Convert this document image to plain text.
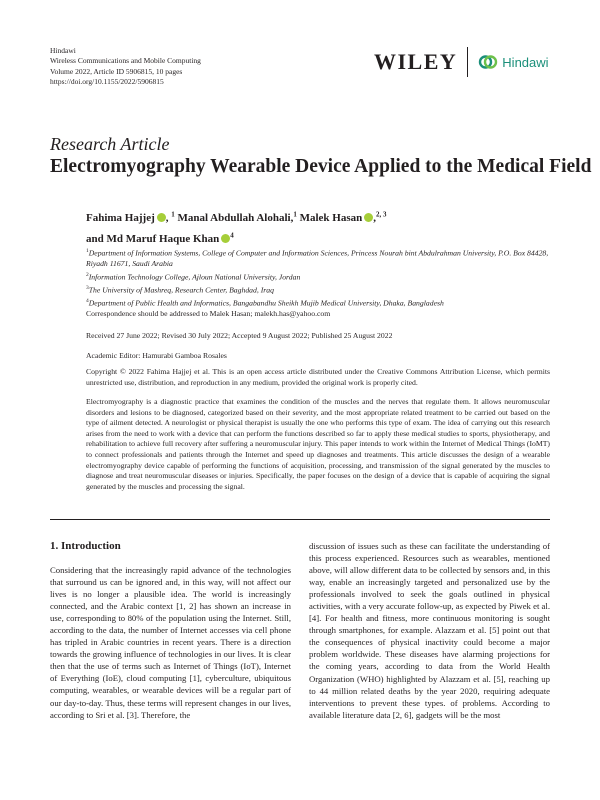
Hindawi
Wireless Communications and Mobile Computing
Volume 2022, Article ID 5906815, 10 pages
https://doi.org/10.1155/2022/5906815
WILEY	Hindawi
Research Article
Electromyography Wearable Device Applied to the Medical Field
Fahima Hajjej , $^1$ Manal Abdullah Alohali,$^1$ Malek Hasan ,$^{2, 3}$
and Md Maruf Haque Khan $^4$
$^1$Department of Information Systems, College of Computer and Information Sciences, Princess Nourah bint Abdulrahman University, P.O. Box 84428, Riyadh 11671, Saudi Arabia
$^2$Information Technology College, Ajloun National University, Jordan
$^3$The University of Mashreq, Research Center, Baghdad, Iraq
$^4$Department of Public Health and Informatics, Bangabandhu Sheikh Mujib Medical University, Dhaka, Bangladesh
Correspondence should be addressed to Malek Hasan; malekh.has@yahoo.com
Received 27 June 2022; Revised 30 July 2022; Accepted 9 August 2022; Published 25 August 2022
Academic Editor: Hamurabi Gamboa Rosales
Copyright © 2022 Fahima Hajjej et al. This is an open access article distributed under the Creative Commons Attribution License, which permits unrestricted use, distribution, and reproduction in any medium, provided the original work is properly cited.
Electromyography is a diagnostic practice that examines the condition of the muscles and the nerves that regulate them. It allows neuromuscular disorders and lesions to be diagnosed, categorized based on their severity, and the most appropriate related treatment to be carried out based on the type of ailment detected. A neurologist or physical therapist is usually the one who performs this type of exam. The idea of carrying out this research arises from the need to work with a device that can perform the functions described so far to apply these medical studies to sports, physiotherapy, and rehabilitation to achieve full recovery after suffering a neuromuscular injury. This paper intends to work within the Internet of Medical Things (IoMT) to connect professionals and patients through the Internet and speed up diagnoses and treatments. This article discusses the design of a wearable electromyography device capable of performing the functions of acquisition, processing, and transmission of the signal generated by the muscles to diagnose and treat neuromuscular diseases or injuries. Specifically, the paper focuses on the design of a device that is capable of acquiring the signal generated by the muscles and processing the signal.
1. Introduction
Considering that the increasingly rapid advance of the technologies that surround us can be ignored and, in this way, will not affect our lives is no longer a plausible idea. The world is increasingly connected, and the Arabic context [1, 2] has shown an increase in use, corresponding to 80% of the population using the Internet. Still, according to the data, the number of Internet accesses via cell phone has tripled in Arabic countries in recent years. There is a direction towards the growing influence of technologies in our lives. It is clear then that the use of terms such as Internet of Things (IoT), Internet of Everything (IoE), cloud computing [1], cyberculture, ubiquitous computing, wearables, or wearable devices will be a regular part of our day-to-day. Thus, these terms will represent changes in our lives, according to Sri et al. [3]. Therefore, the
discussion of issues such as these can facilitate the understanding of this process experienced. Resources such as wearables, mentioned above, will allow different data to be collected by sensors and, in this way, enable an increasingly targeted and personalized use by the professionals involved to seek the goals outlined in physical activities, with a very accurate follow-up, as expected by Piwek et al. [4]. For health and fitness, more continuous monitoring is sought through smartphones, for example. Alazzam et al. [5] point out that the consequences of physical inactivity could become a major problem worldwide. These diseases have alarming projections for the coming years, according to data from the World Health Organization (WHO) highlighted by Alazzam et al. [5], reaching up to 44 million related deaths by the year 2020, requiring adequate interventions to prevent these types. of problems. According to available literature data [2, 6], gadgets will be the most
